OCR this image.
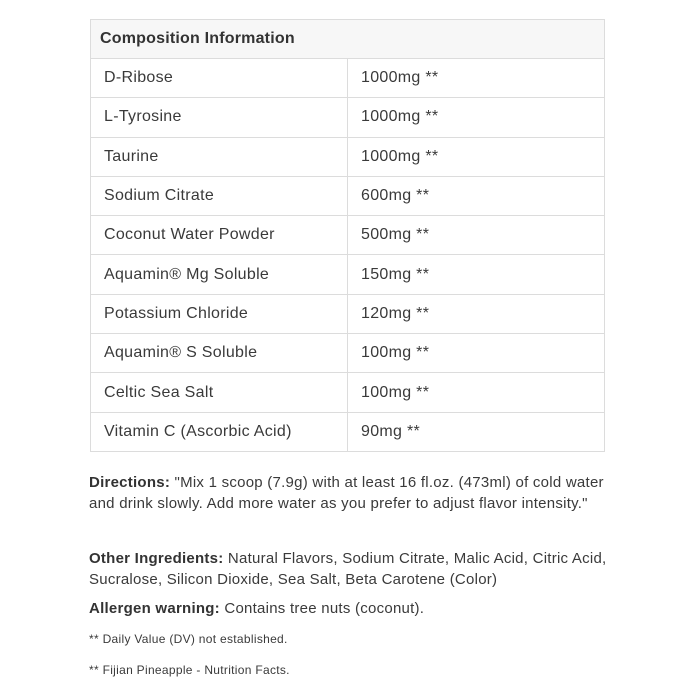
Composition Information	
D-Ribose	1000mg **
L-Tyrosine	1000mg **
Taurine	1000mg **
Sodium Citrate	600mg **
Coconut Water Powder	500mg **
Aquamin® Mg Soluble	150mg **
Potassium Chloride	120mg **
Aquamin® S Soluble	100mg **
Celtic Sea Salt	100mg **
Vitamin C (Ascorbic Acid)	90mg **
Directions: "Mix 1 scoop (7.9g) with at least 16 fl.oz. (473ml) of cold water and drink slowly. Add more water as you prefer to adjust flavor intensity."
Other Ingredients: Natural Flavors, Sodium Citrate, Malic Acid, Citric Acid, Sucralose, Silicon Dioxide, Sea Salt, Beta Carotene (Color)
Allergen warning: Contains tree nuts (coconut).
** Daily Value (DV) not established.
** Fijian Pineapple - Nutrition Facts.
